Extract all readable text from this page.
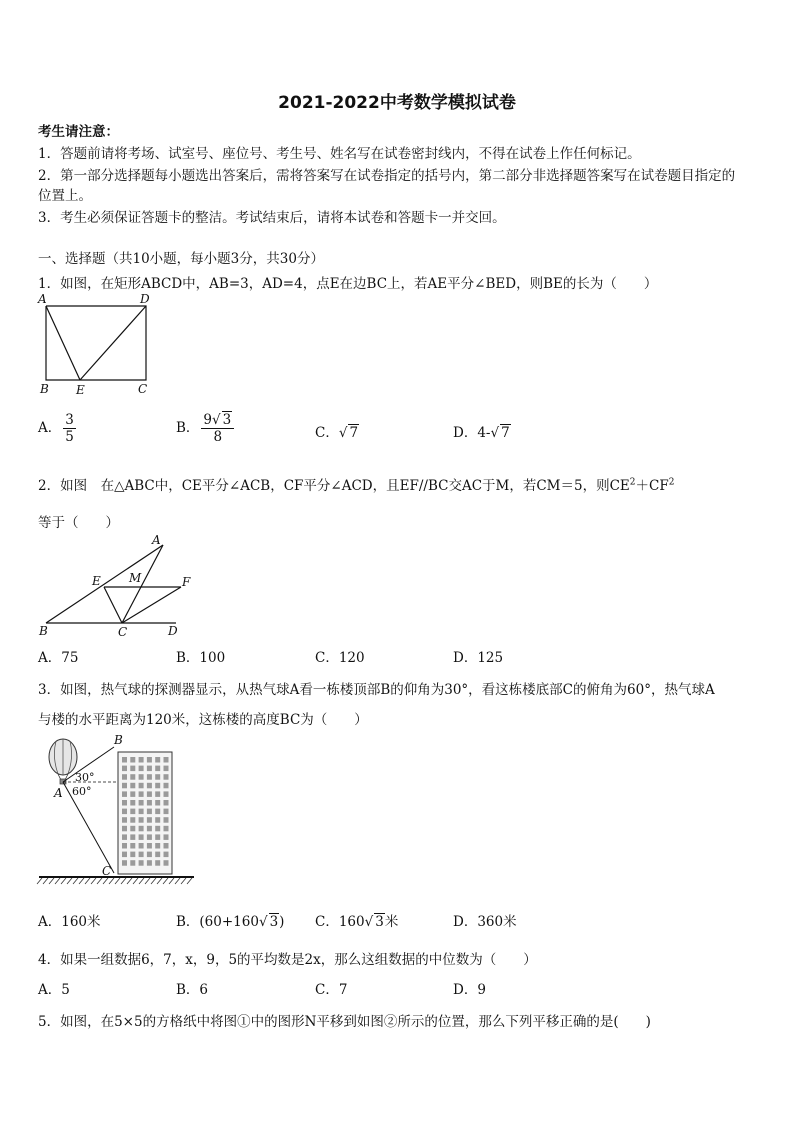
2021-2022中考数学模拟试卷
考生请注意：
1．答题前请将考场、试室号、座位号、考生号、姓名写在试卷密封线内，不得在试卷上作任何标记。
2．第一部分选择题每小题选出答案后，需将答案写在试卷指定的括号内，第二部分非选择题答案写在试卷题目指定的
位置上。
3．考生必须保证答题卡的整洁。考试结束后，请将本试卷和答题卡一并交回。
一、选择题（共10小题，每小题3分，共30分）
1．如图，在矩形ABCD中，AB=3，AD=4，点E在边BC上，若AE平分∠BED，则BE的长为（　　）
A	D
B E	C
A． $\frac{3}{5}$	B． $\frac{9√ 3}{8}$	C．√ 7	D．4-√ 7
2．如图　在△ABC中，CE平分∠ACB，CF平分∠ACD，且EF//BC交AC于M，若CM＝5，则$CE^2+CF^2$
等于（　　）
A
E M	F
B	C	D
A．75	B．100	C．120	D．125
3．如图，热气球的探测器显示，从热气球A看一栋楼顶部B的仰角为30°，看这栋楼底部C的俯角为60°，热气球A
与楼的水平距离为120米，这栋楼的高度BC为（　　）
B
A
C
30°
60°
A．160米	B．(60+160√ 3) C．160√ 3米	D．360米
4．如果一组数据6，7，x，9，5的平均数是2x，那么这组数据的中位数为（　　）
A．5	B．6	C．7	D．9
5．如图，在5×5的方格纸中将图①中的图形N平移到如图②所示的位置，那么下列平移正确的是(　　)
